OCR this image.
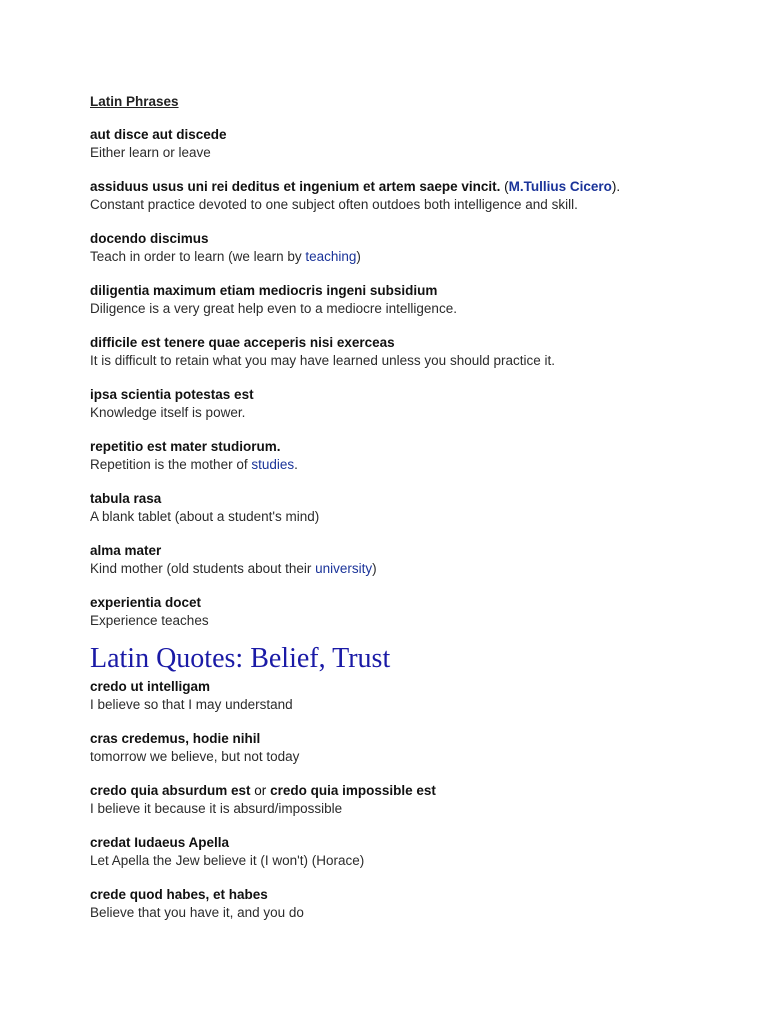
Latin Phrases
aut disce aut discede
Either learn or leave
assiduus usus uni rei deditus et ingenium et artem saepe vincit. (M.Tullius Cicero).
Constant practice devoted to one subject often outdoes both intelligence and skill.
docendo discimus
Teach in order to learn (we learn by teaching)
diligentia maximum etiam mediocris ingeni subsidium
Diligence is a very great help even to a mediocre intelligence.
difficile est tenere quae acceperis nisi exerceas
It is difficult to retain what you may have learned unless you should practice it.
ipsa scientia potestas est
Knowledge itself is power.
repetitio est mater studiorum.
Repetition is the mother of studies.
tabula rasa
A blank tablet (about a student's mind)
alma mater
Kind mother (old students about their university)
experientia docet
Experience teaches
Latin Quotes: Belief, Trust
credo ut intelligam
I believe so that I may understand
cras credemus, hodie nihil
tomorrow we believe, but not today
credo quia absurdum est or credo quia impossible est
I believe it because it is absurd/impossible
credat Iudaeus Apella
Let Apella the Jew believe it (I won't) (Horace)
crede quod habes, et habes
Believe that you have it, and you do
